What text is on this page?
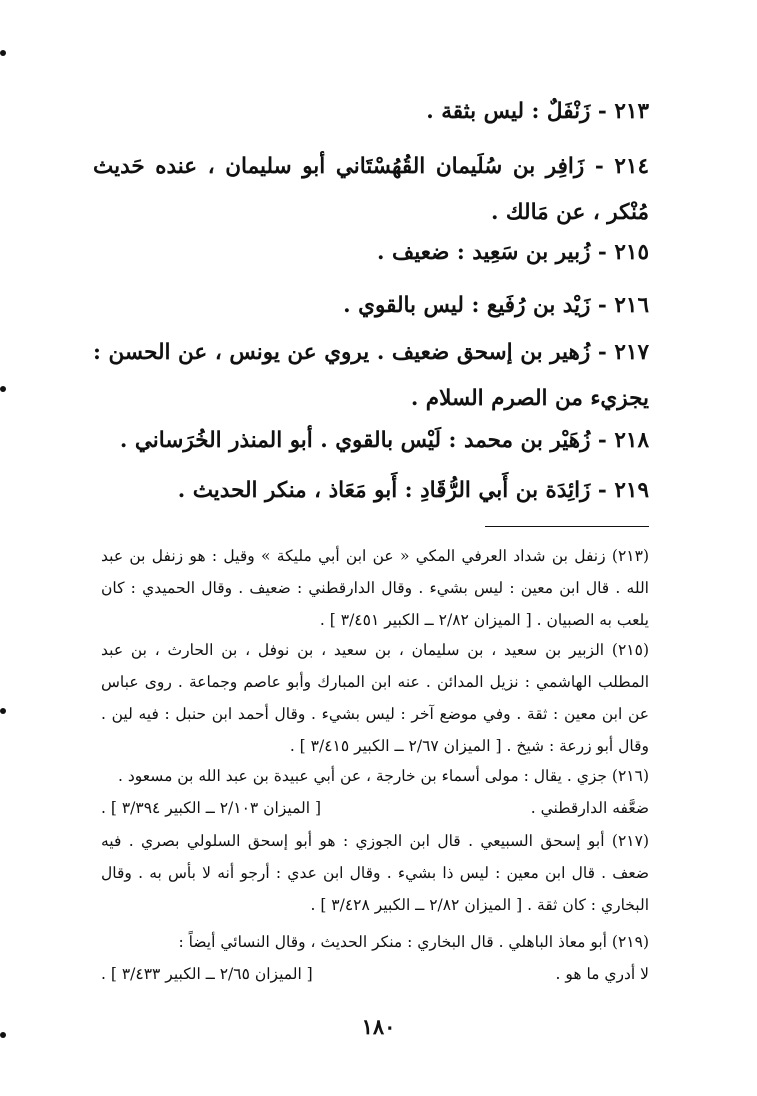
٢١٣ - زَنْفَلٌ : ليس بثقة .
٢١٤ - زَافِر بن سُلَيمان القُهُسْتَاني أبو سليمان ، عنده حَديث مُنْكر ، عن مَالك .
٢١٥ - زُبير بن سَعِيد : ضعيف .
٢١٦ - زَيْد بن رُفَيع : ليس بالقوي .
٢١٧ - زُهير بن إسحق ضعيف . يروي عن يونس ، عن الحسن : يجزيء من الصرم السلام .
٢١٨ - زُهَيْر بن محمد : لَيْس بالقوي . أبو المنذر الخُرَساني .
٢١٩ - زَائِدَة بن أَبي الرُّقَادِ : أَبو مَعَاذ ، منكر الحديث .
(٢١٣) زنفل بن شداد العرفي المكي « عن ابن أبي مليكة » وقيل : هو زنفل بن عبد الله . قال ابن معين : ليس بشيء . وقال الدارقطني : ضعيف . وقال الحميدي : كان يلعب به الصبيان . [ الميزان ٢/٨٢ ــ الكبير ٣/٤٥١ ] .
(٢١٥) الزبير بن سعيد ، بن سليمان ، بن سعيد ، بن نوفل ، بن الحارث ، بن عبد المطلب الهاشمي : نزيل المدائن . عنه ابن المبارك وأبو عاصم وجماعة . روى عباس عن ابن معين : ثقة . وفي موضع آخر : ليس بشيء . وقال أحمد ابن حنبل : فيه لين . وقال أبو زرعة : شيخ . [ الميزان ٢/٦٧ ــ الكبير ٣/٤١٥ ] .
(٢١٦) جزي . يقال : مولى أسماء بن خارجة ، عن أبي عبيدة بن عبد الله بن مسعود .
ضعَّفه الدارقطني .
[ الميزان ٢/١٠٣ ــ الكبير ٣/٣٩٤ ] .
(٢١٧) أبو إسحق السبيعي . قال ابن الجوزي : هو أبو إسحق السلولي بصري . فيه ضعف . قال ابن معين : ليس ذا بشيء . وقال ابن عدي : أرجو أنه لا بأس به . وقال البخاري : كان ثقة . [ الميزان ٢/٨٢ ــ الكبير ٣/٤٢٨ ] .
(٢١٩) أبو معاذ الباهلي . قال البخاري : منكر الحديث ، وقال النسائي أيضاً :
لا أدري ما هو .
[ الميزان ٢/٦٥ ــ الكبير ٣/٤٣٣ ] .
١٨٠
